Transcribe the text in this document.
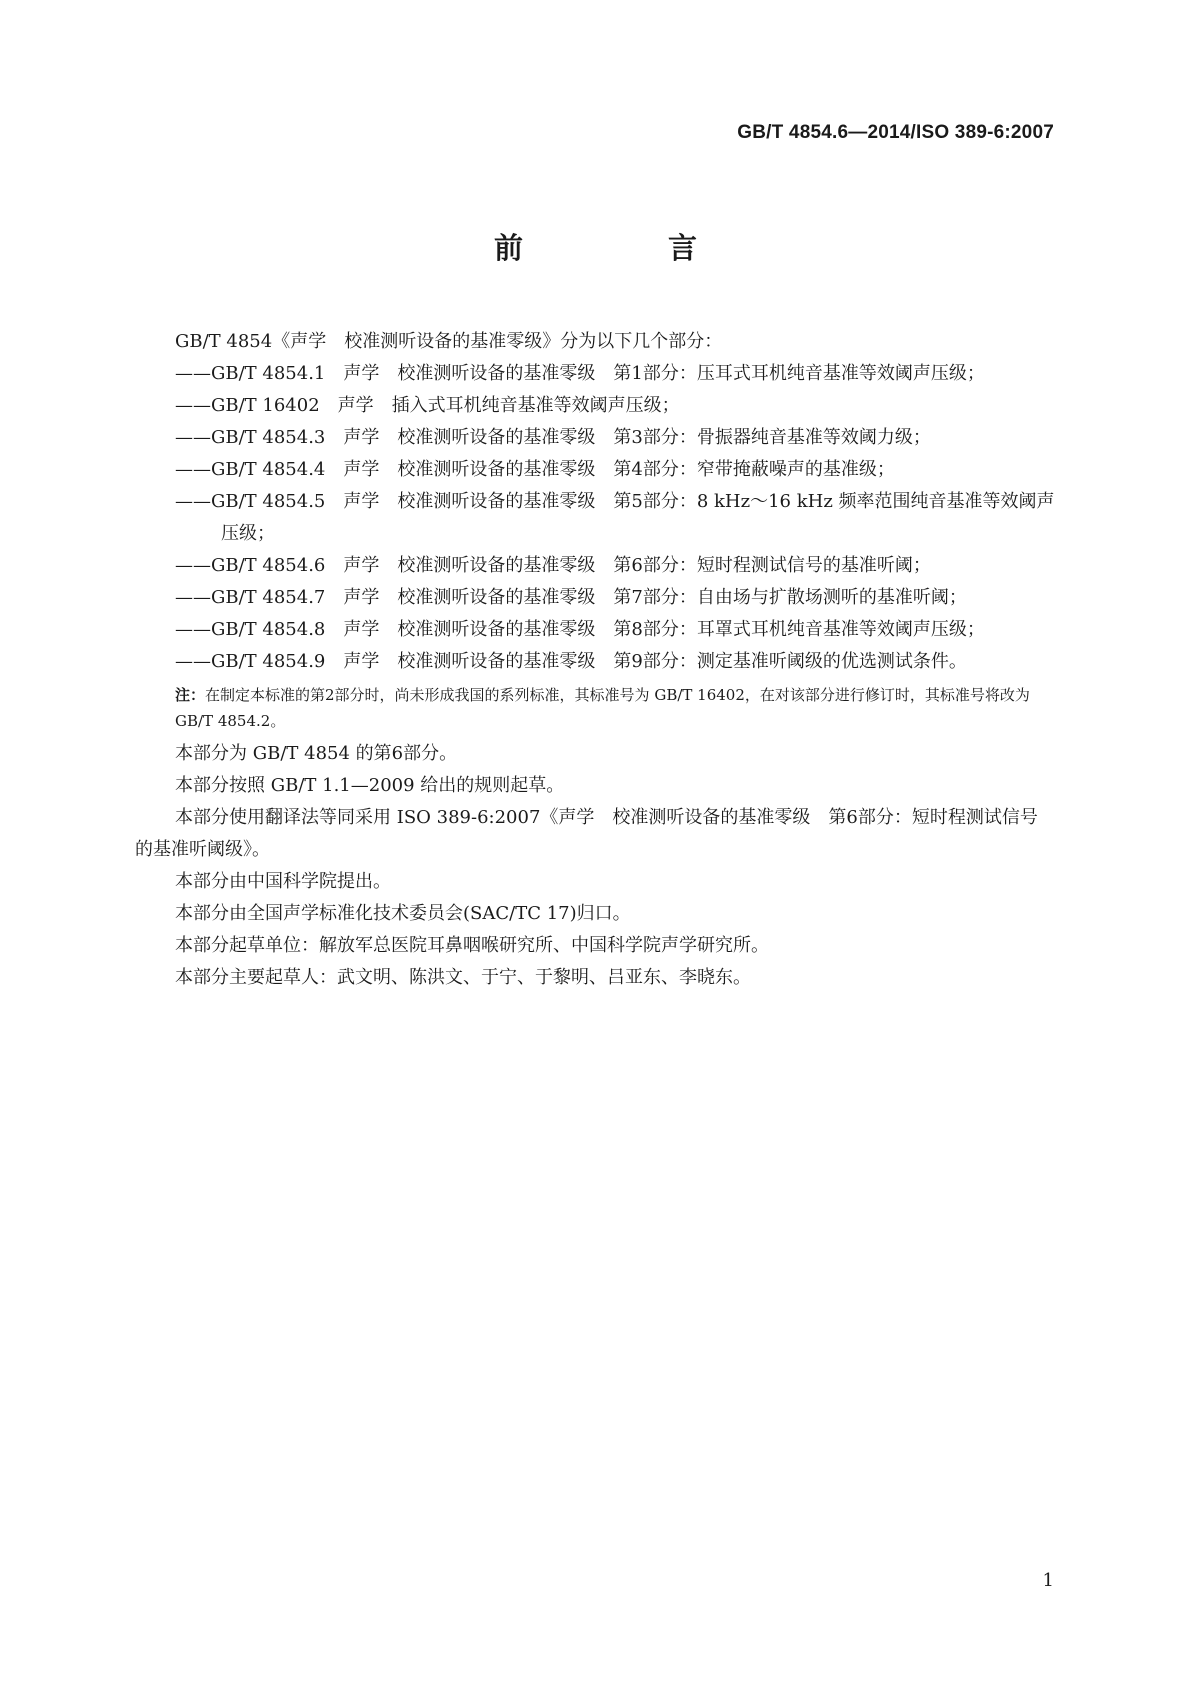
GB/T 4854.6—2014/ISO 389-6:2007
前　言

GB/T 4854《声学　校准测听设备的基准零级》分为以下几个部分：

——GB/T 4854.1　声学　校准测听设备的基准零级　第1部分：压耳式耳机纯音基准等效阈声压级；

——GB/T 16402　声学　插入式耳机纯音基准等效阈声压级；

——GB/T 4854.3　声学　校准测听设备的基准零级　第3部分：骨振器纯音基准等效阈力级；

——GB/T 4854.4　声学　校准测听设备的基准零级　第4部分：窄带掩蔽噪声的基准级；

——GB/T 4854.5　声学　校准测听设备的基准零级　第5部分：8 kHz～16 kHz 频率范围纯音基准等效阈声压级；

——GB/T 4854.6　声学　校准测听设备的基准零级　第6部分：短时程测试信号的基准听阈；

——GB/T 4854.7　声学　校准测听设备的基准零级　第7部分：自由场与扩散场测听的基准听阈；

——GB/T 4854.8　声学　校准测听设备的基准零级　第8部分：耳罩式耳机纯音基准等效阈声压级；

——GB/T 4854.9　声学　校准测听设备的基准零级　第9部分：测定基准听阈级的优选测试条件。

注：在制定本标准的第2部分时，尚未形成我国的系列标准，其标准号为 GB/T 16402，在对该部分进行修订时，其标准号将改为 GB/T 4854.2。

本部分为 GB/T 4854 的第6部分。

本部分按照 GB/T 1.1—2009 给出的规则起草。

本部分使用翻译法等同采用 ISO 389-6:2007《声学　校准测听设备的基准零级　第6部分：短时程测试信号的基准听阈级》。

本部分由中国科学院提出。

本部分由全国声学标准化技术委员会(SAC/TC 17)归口。

本部分起草单位：解放军总医院耳鼻咽喉研究所、中国科学院声学研究所。

本部分主要起草人：武文明、陈洪文、于宁、于黎明、吕亚东、李晓东。

1
